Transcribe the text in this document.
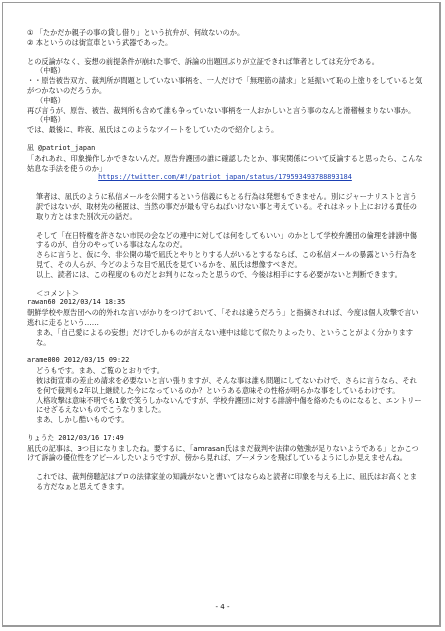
① 「たかだか親子の事の貸し借り」という抗弁が、何故ないのか。

② 本というのは街宣車という武器であった。

との反論がなく、妄想の前提条件が崩れた事で、訴論の出題回ぶりが立証できれば筆者としては充分である。

（中略）

・・原告被告双方、裁判所が問題としていない事柄を、一人だけで「無理筋の請求」と延振いて恥の上塗りをしていると気がつかないのだろうか。

（中略）

再び言うが、原告、被告、裁判所も含めて誰も争っていない事柄を一人おかしいと言う事のなんと滑稽極まりない事か。

（中略）

では、最後に、昨夜、凪氏はこのようなツイートをしていたので紹介しよう。

凪 @patriot_japan

「あれあれ、印象操作しかできないんだ。原告弁護団の誰に確認したとか、事実関係について反論すると思ったら、こんな姑息な手法を使うのか」

https://twitter.com/#!/patriot_japan/status/179593493788893184

筆者は、凪氏のように私信メールを公開するという信義にもとる行為は発想もできません。別にジャーナリストと言う訳ではないが、取材先の秘匿は、当然の事だが最も守らねばいけない事と考えている。それはネット上における責任の取り方とはまた別次元の話だ。

そして「在日特権を許さない市民の会などの連中に対しては何をしてもいい」のかとして学校弁護団の倫理を誹謗中傷するのが、自分のやっている事はなんなのだ。

さらに言うと、仮に今、非公開の場で凪氏とやりとりする人がいるとするならば、この私信メールの暴露という行為を見て、その人らが、今どのような目で凪氏を見ているかを、凪氏は想像すべきだ。

以上、読者には、この程度のものだとお判りになったと思うので、今後は相手にする必要がないと判断できます。

＜コメント＞

rawan60 2012/03/14 18:35

朝鮮学校や原告団への的外れな言いがかりをつけておいて、「それは違うだろう」と指摘されれば、今度は個人攻撃で言い逃れに走るという……

まあ、「自己愛によるの妄想」だけでしかものが言えない連中は総じて似たりよったり、ということがよく分かりますな。

arame000 2012/03/15 09:22

どうもです。まあ、ご覧のとおりです。

彼は街宣車の差止め請求を必要ないと言い張りますが、そんな事は誰も問題にしてないわけで、さらに言うなら、それを何で裁判も2年以上継続した今になっているのか？というある意味その性格が明らかな事をしているわけです。

人格攻撃は意味不明でも1象で笑うしかないんですが、学校弁護団に対する誹謗中傷を絡めたものになると、エントリーにせざるえないものでこうなりました。

まあ、しかし酷いものです。

りょうた 2012/03/16 17:49

凪氏の記事は、3つ目になりましたね。要するに、「amrasan氏はまだ裁判や法律の勉強が足りないようである」とかこつけて訴論の優位性をアピールしたいようですが、傍から見れば、ブーメランを飛ばしているようにしか見えませんね。

これでは、裁判傍聴記はプロの法律家並の知識がないと書いてはならぬと読者に印象を与える上に、凪氏はお高くとまる方だなぁと思えてきます。

- 4 -
